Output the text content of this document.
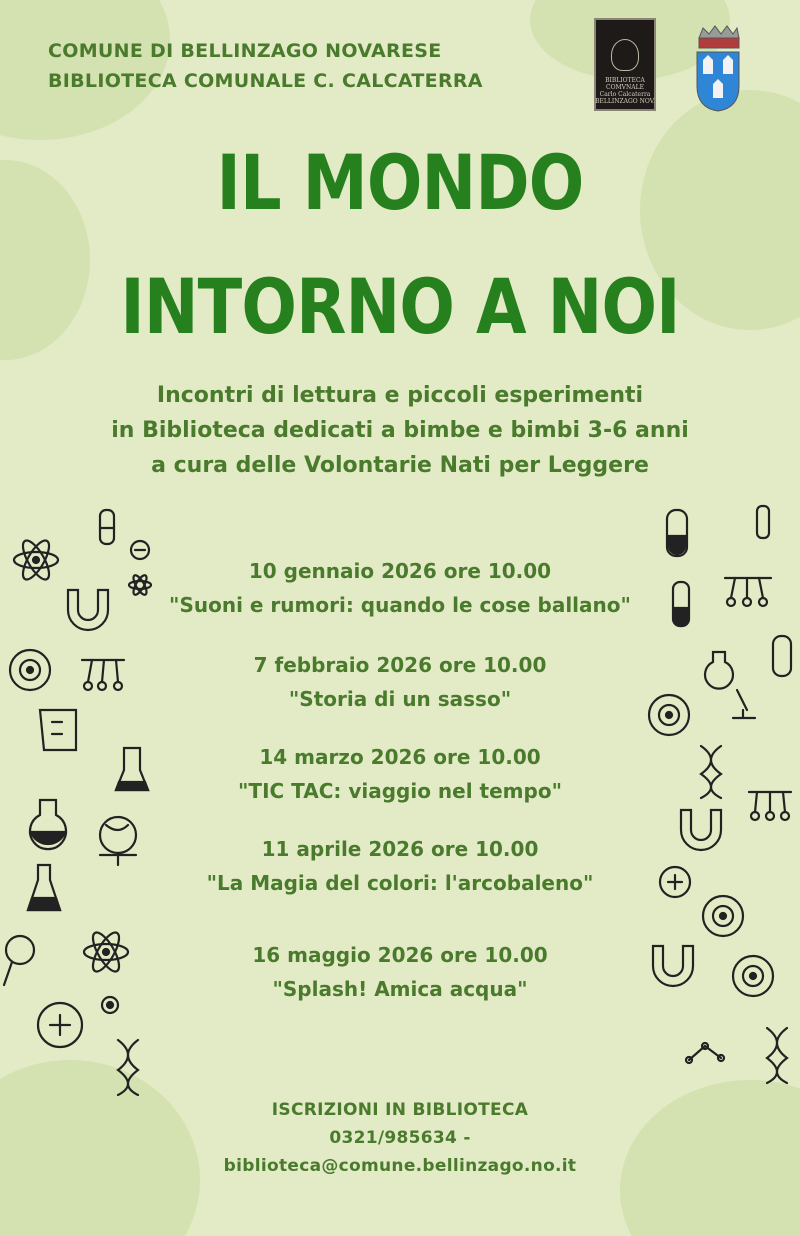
COMUNE DI BELLINZAGO NOVARESE
BIBLIOTECA COMUNALE C. CALCATERRA	BIBLIOTECA
COMVNALE
Carlo Calcaterra
BELLINZAGO NOV.
IL MONDO
INTORNO A NOI
Incontri di lettura e piccoli esperimenti
in Biblioteca dedicati a bimbe e bimbi 3-6 anni
a cura delle Volontarie Nati per Leggere
10 gennaio 2026 ore 10.00
"Suoni e rumori: quando le cose ballano"
7 febbraio 2026 ore 10.00
"Storia di un sasso"
14 marzo 2026 ore 10.00
"TIC TAC: viaggio nel tempo"
11 aprile 2026 ore 10.00
"La Magia del colori: l'arcobaleno"
16 maggio 2026 ore 10.00
"Splash! Amica acqua"
ISCRIZIONI IN BIBLIOTECA
0321/985634 -
biblioteca@comune.bellinzago.no.it
